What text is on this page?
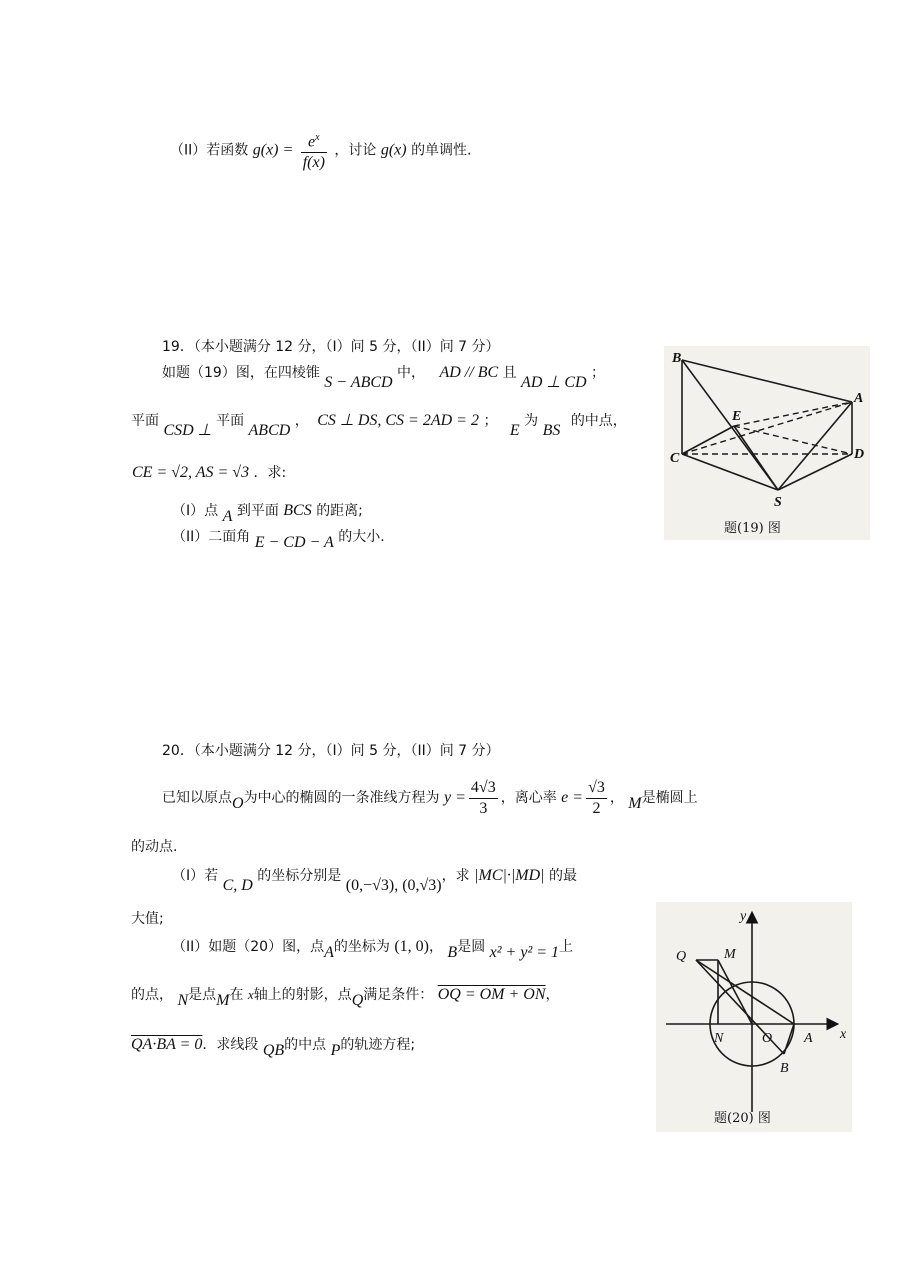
（II）若函数 $g(x) = \frac{e^x}{f(x)}$ ，讨论 g(x) 的单调性.
19．（本小题满分 12 分，（I）问 5 分，（II）问 7 分）
如题（19）图，在四棱锥 S − ABCD 中， AD // BC 且 AD ⊥ CD ；
平面 CSD ⊥ 平面 ABCD ， CS ⊥ DS, CS = 2AD = 2 ； E 为 BS 的中点，
CE = √2, AS = √3 ．求:
（I）点 A 到平面 BCS 的距离;
（II）二面角 E − CD − A 的大小.
B
A
E
C	D
S
题(19) 图
20．（本小题满分 12 分，（I）问 5 分，（II）问 7 分）
已知以原点O为中心的椭圆的一条准线方程为 $y = \frac{4√3}{3}$ ，离心率 $e = \frac{√3}{2}$ ， M是椭圆上
的动点.
（I）若 C, D 的坐标分别是 (0,−√3), (0,√3)，求 |MC|·|MD| 的最
大值;
（II）如题（20）图，点A的坐标为 (1, 0)， B是圆 x² + y² = 1上
的点， N是点M在 x轴上的射影，点Q满足条件： OQ = OM + ON，
QA·BA = 0．求线段 QB的中点 P的轨迹方程;
y
Q	M
N	O A x
B
题(20) 图
